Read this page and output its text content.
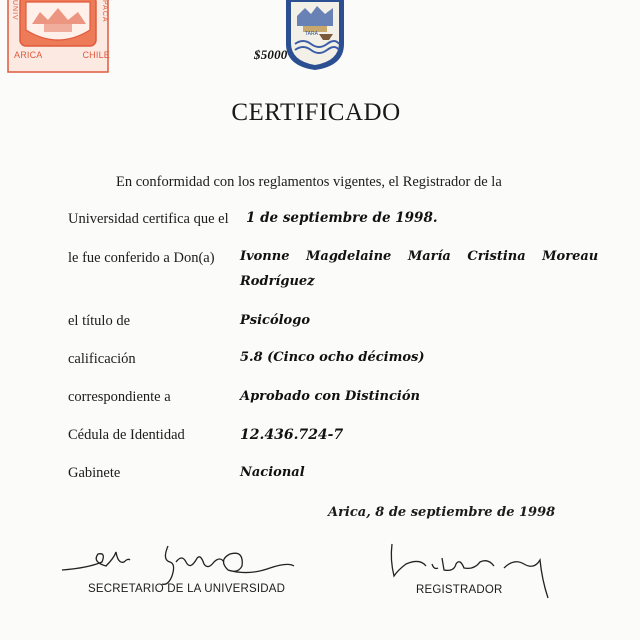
UNIV	PACA
ARICA	$5000
CHILE
TARA
CERTIFICADO
En conformidad con los reglamentos vigentes, el Registrador de la
Universidad certifica que el 1 de septiembre de 1998.
le fue conferido a Don(a) Ivonne Magdelaine María Cristina Moreau
Rodríguez
el título de	Psicólogo
calificación	5.8 (Cinco ocho décimos)
correspondiente a	Aprobado con Distinción
Cédula de Identidad	12.436.724-7
Gabinete	Nacional
Arica, 8 de septiembre de 1998
SECRETARIO DE LA UNIVERSIDAD	REGISTRADOR
